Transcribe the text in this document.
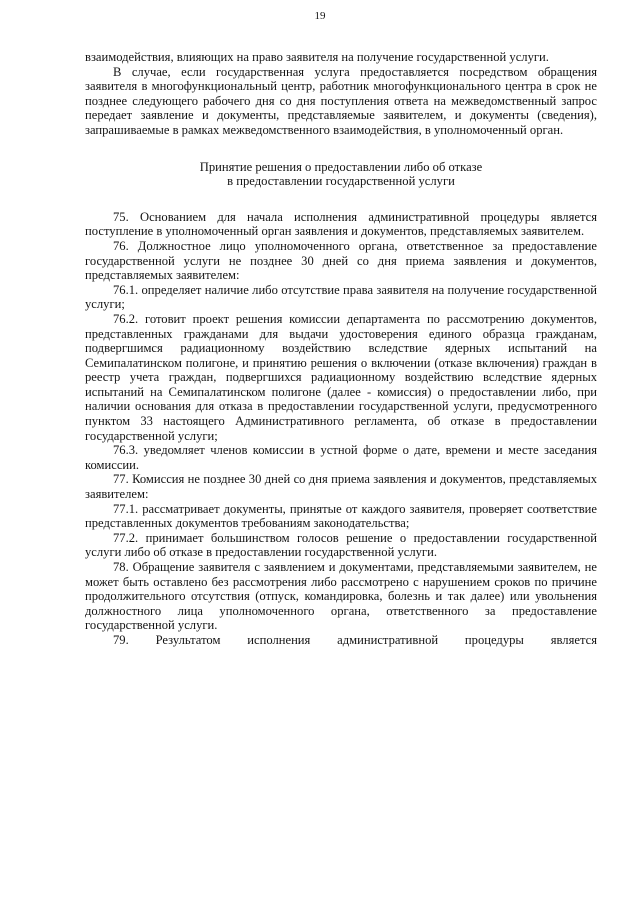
19

взаимодействия, влияющих на право заявителя на получение государственной услуги.

В случае, если государственная услуга предоставляется посредством обращения заявителя в многофункциональный центр, работник многофункционального центра в срок не позднее следующего рабочего дня со дня поступления ответа на межведомственный запрос передает заявление и документы, представляемые заявителем, и документы (сведения), запрашиваемые в рамках межведомственного взаимодействия, в уполномоченный орган.

Принятие решения о предоставлении либо об отказе
в предоставлении государственной услуги

75. Основанием для начала исполнения административной процедуры является поступление в уполномоченный орган заявления и документов, представляемых заявителем.

76. Должностное лицо уполномоченного органа, ответственное за предоставление государственной услуги не позднее 30 дней со дня приема заявления и документов, представляемых заявителем:

76.1. определяет наличие либо отсутствие права заявителя на получение государственной услуги;

76.2. готовит проект решения комиссии департамента по рассмотрению документов, представленных гражданами для выдачи удостоверения единого образца гражданам, подвергшимся радиационному воздействию вследствие ядерных испытаний на Семипалатинском полигоне, и принятию решения о включении (отказе включения) граждан в реестр учета граждан, подвергшихся радиационному воздействию вследствие ядерных испытаний на Семипалатинском полигоне (далее - комиссия) о предоставлении либо, при наличии основания для отказа в предоставлении государственной услуги, предусмотренного пунктом 33 настоящего Административного регламента, об отказе в предоставлении государственной услуги;

76.3. уведомляет членов комиссии в устной форме о дате, времени и месте заседания комиссии.

77. Комиссия не позднее 30 дней со дня приема заявления и документов, представляемых заявителем:

77.1. рассматривает документы, принятые от каждого заявителя, проверяет соответствие представленных документов требованиям законодательства;

77.2. принимает большинством голосов решение о предоставлении государственной услуги либо об отказе в предоставлении государственной услуги.

78. Обращение заявителя с заявлением и документами, представляемыми заявителем, не может быть оставлено без рассмотрения либо рассмотрено с нарушением сроков по причине продолжительного отсутствия (отпуск, командировка, болезнь и так далее) или увольнения должностного лица уполномоченного органа, ответственного за предоставление государственной услуги.

79. Результатом исполнения административной процедуры является
